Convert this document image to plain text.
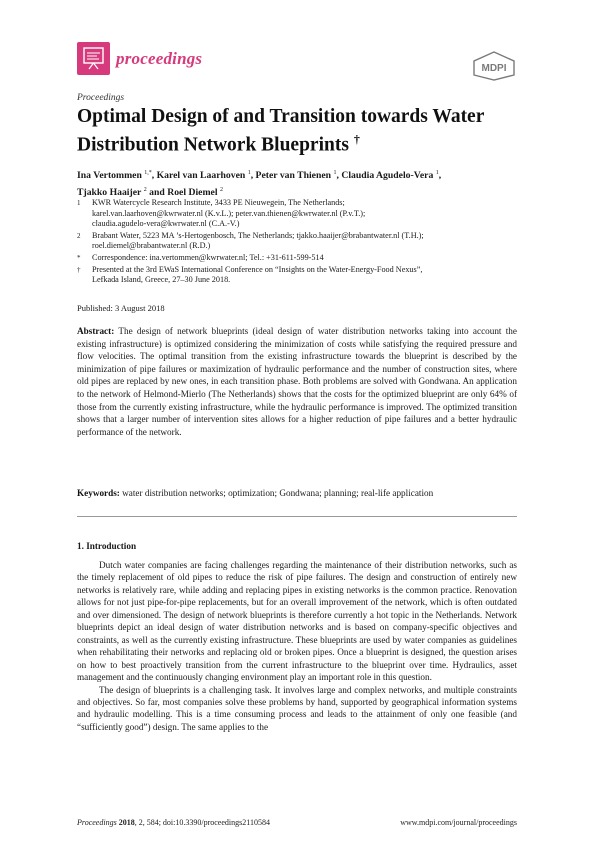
proceedings
MDPI
Proceedings
Optimal Design of and Transition towards Water Distribution Network Blueprints †

Ina Vertommen $^{1,*}$, Karel van Laarhoven $^1$, Peter van Thienen $^1$, Claudia Agudelo-Vera $^1$,
Tjakko Haaijer $^2$ and Roel Diemel $^2$

1	KWR Watercycle Research Institute, 3433 PE Nieuwegein, The Netherlands;
karel.van.laarhoven@kwrwater.nl (K.v.L.); peter.van.thienen@kwrwater.nl (P.v.T.);
claudia.agudelo-vera@kwrwater.nl (C.A.-V.)
2	Brabant Water, 5223 MA ’s-Hertogenbosch, The Netherlands; tjakko.haaijer@brabantwater.nl (T.H.);
roel.diemel@brabantwater.nl (R.D.)
*	Correspondence: ina.vertommen@kwrwater.nl; Tel.: +31-611-599-514
†	Presented at the 3rd EWaS International Conference on “Insights on the Water-Energy-Food Nexus”,
Lefkada Island, Greece, 27–30 June 2018.
Published: 3 August 2018

Abstract: The design of network blueprints (ideal design of water distribution networks taking into account the existing infrastructure) is optimized considering the minimization of costs while satisfying the required pressure and flow velocities. The optimal transition from the existing infrastructure towards the blueprint is described by the minimization of pipe failures or maximization of hydraulic performance and the number of construction sites, where old pipes are replaced by new ones, in each transition phase. Both problems are solved with Gondwana. An application to the network of Helmond-Mierlo (The Netherlands) shows that the costs for the optimized blueprint are only 64% of those from the currently existing infrastructure, while the hydraulic performance is improved. The optimized transition shows that a larger number of intervention sites allows for a higher reduction of pipe failures and a better hydraulic performance of the network.

Keywords: water distribution networks; optimization; Gondwana; planning; real-life application

1. Introduction

Dutch water companies are facing challenges regarding the maintenance of their distribution networks, such as the timely replacement of old pipes to reduce the risk of pipe failures. The design and construction of entirely new networks is relatively rare, while adding and replacing pipes in existing networks is the common practice. Renovation allows for not just pipe-for-pipe replacements, but for an overall improvement of the network, which is often outdated and over dimensioned. The design of network blueprints is therefore currently a hot topic in the Netherlands. Network blueprints depict an ideal design of water distribution networks and is based on company-specific objectives and constraints, as well as the currently existing infrastructure. These blueprints are used by water companies as guidelines when rehabilitating their networks and replacing old or broken pipes. Once a blueprint is designed, the question arises on how to best proactively transition from the current infrastructure to the blueprint over time. Hydraulics, asset management and the continuously changing environment play an important role in this question.

The design of blueprints is a challenging task. It involves large and complex networks, and multiple constraints and objectives. So far, most companies solve these problems by hand, supported by geographical information systems and hydraulic modelling. This is a time consuming process and leads to the attainment of only one feasible (and “sufficiently good”) design. The same applies to the

Proceedings 2018, 2, 584; doi:10.3390/proceedings2110584	www.mdpi.com/journal/proceedings
